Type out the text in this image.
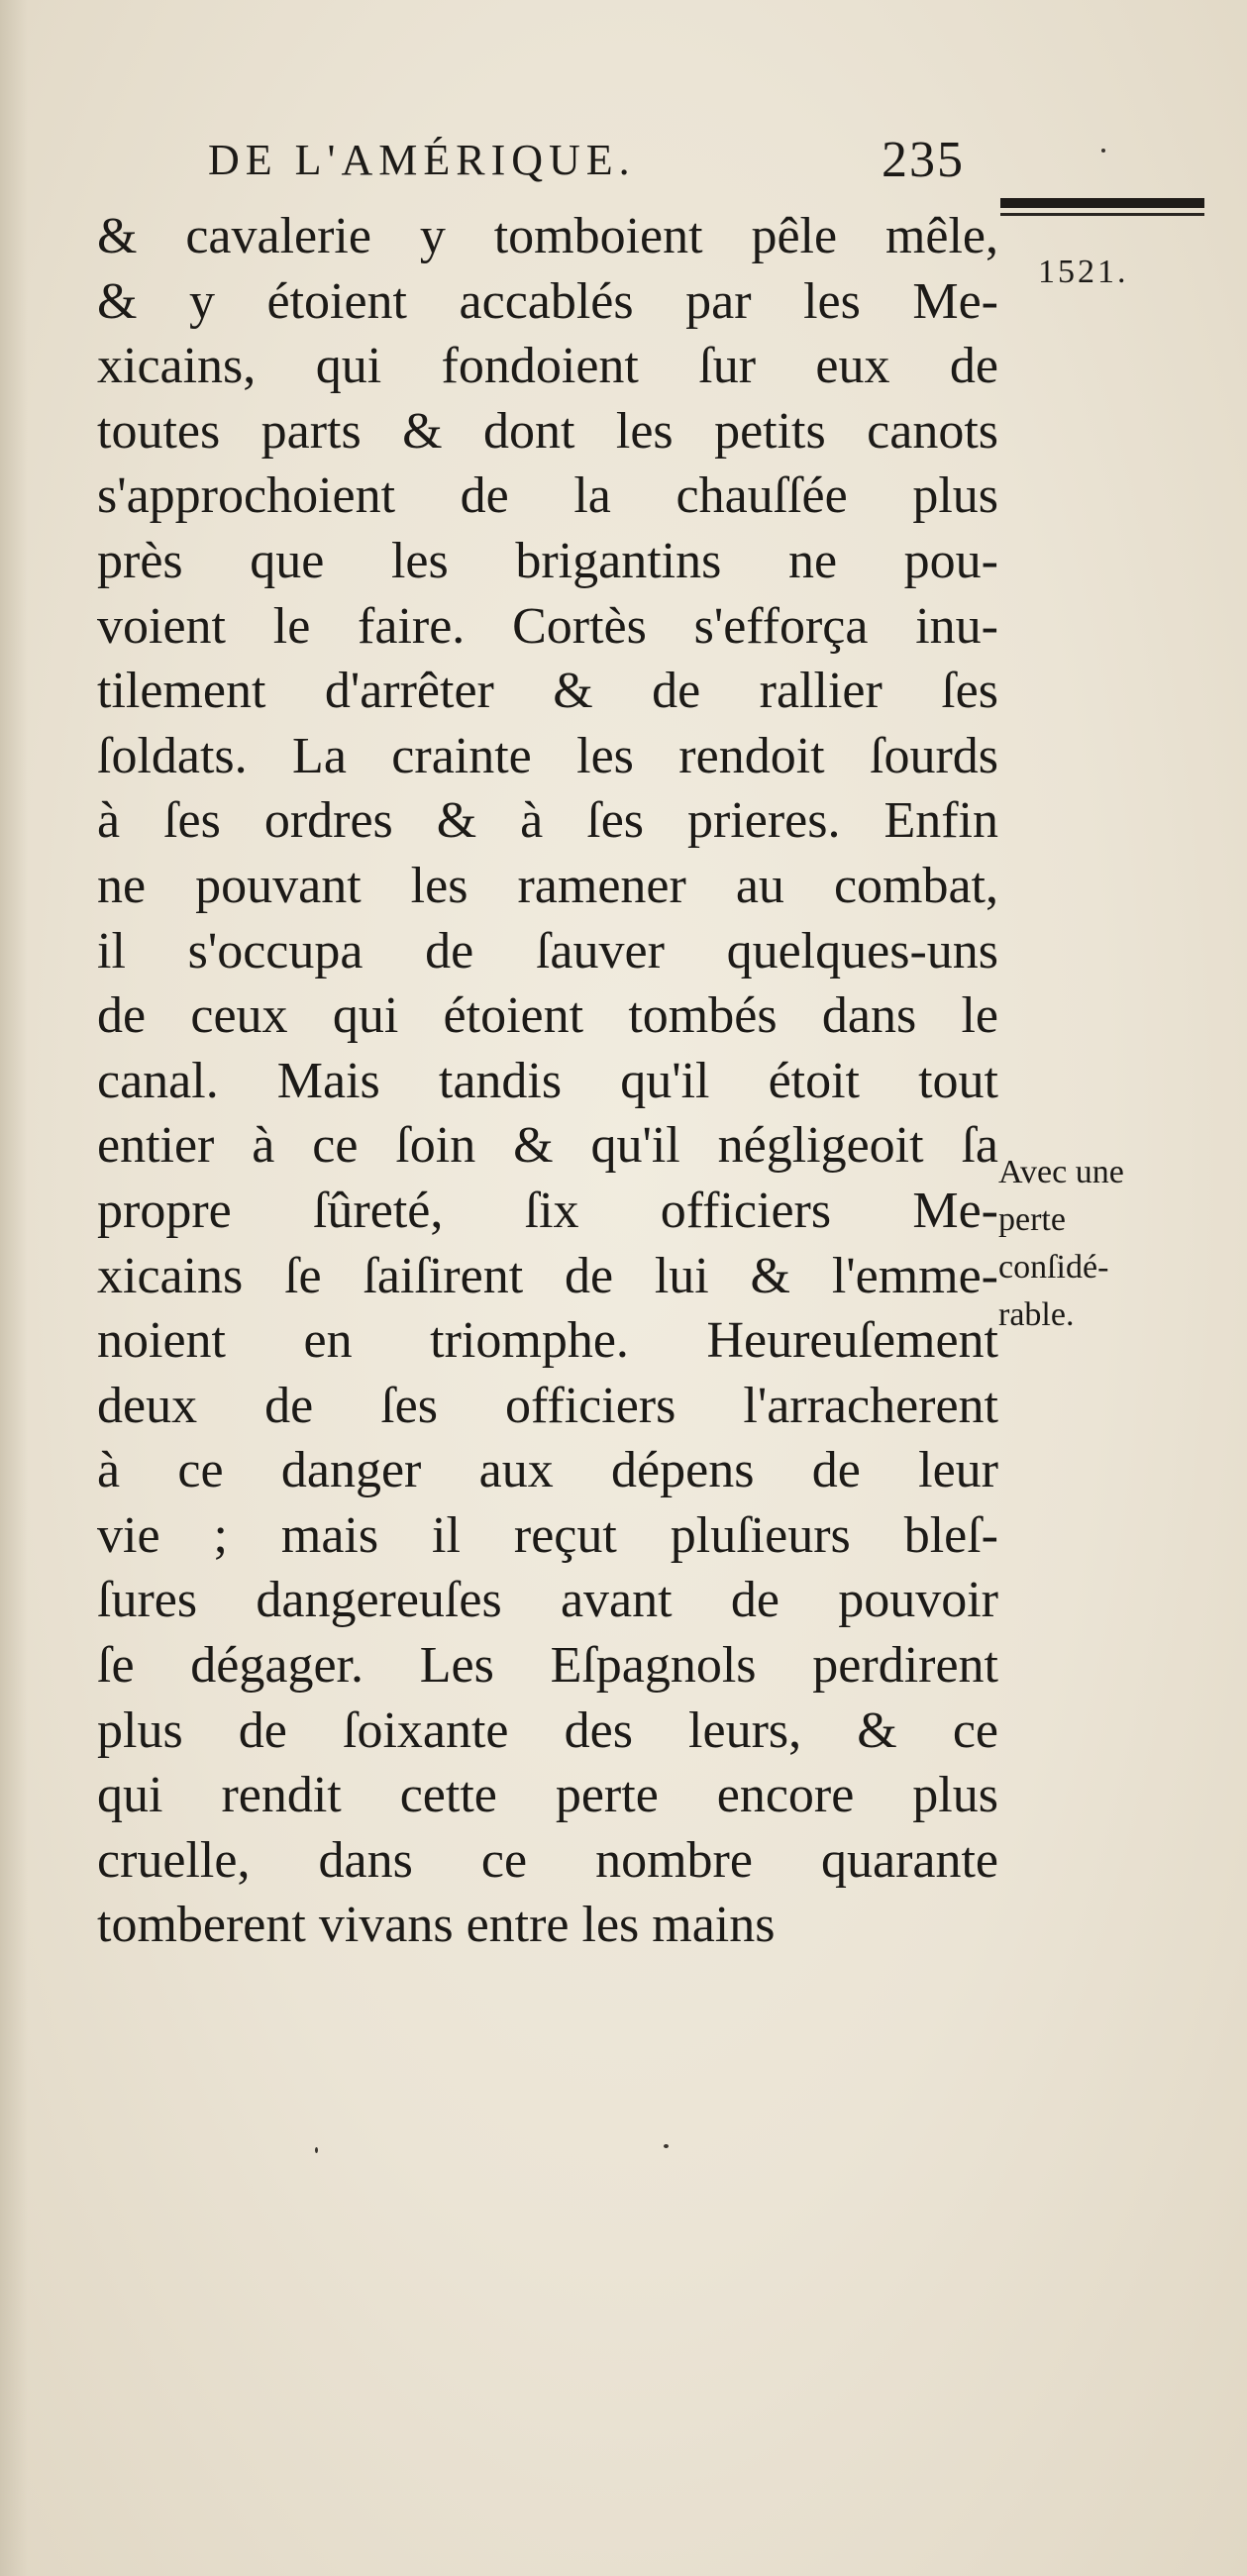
DE L'AMÉRIQUE.	235
1521.
& cavalerie y tomboient pêle mêle,
& y étoient accablés par les Me-
xicains, qui fondoient ſur eux de
toutes parts & dont les petits canots
s'approchoient de la chauſſée plus
près que les brigantins ne pou-
voient le faire. Cortès s'efforça inu-
tilement d'arrêter & de rallier ſes
ſoldats. La crainte les rendoit ſourds
à ſes ordres & à ſes prieres. Enfin
ne pouvant les ramener au combat,
il s'occupa de ſauver quelques-uns
de ceux qui étoient tombés dans le
canal. Mais tandis qu'il étoit tout
entier à ce ſoin & qu'il négligeoit ſa
propre ſûreté, ſix officiers Me-
xicains ſe ſaiſirent de lui & l'emme-
noient en triomphe. Heureuſement
deux de ſes officiers l'arracherent
à ce danger aux dépens de leur
vie ; mais il reçut pluſieurs bleſ-
ſures dangereuſes avant de pouvoir
ſe dégager. Les Eſpagnols perdirent
plus de ſoixante des leurs, & ce
qui rendit cette perte encore plus
cruelle, dans ce nombre quarante
tomberent vivans entre les mains
Avec une
perte
conſidé-
rable.
